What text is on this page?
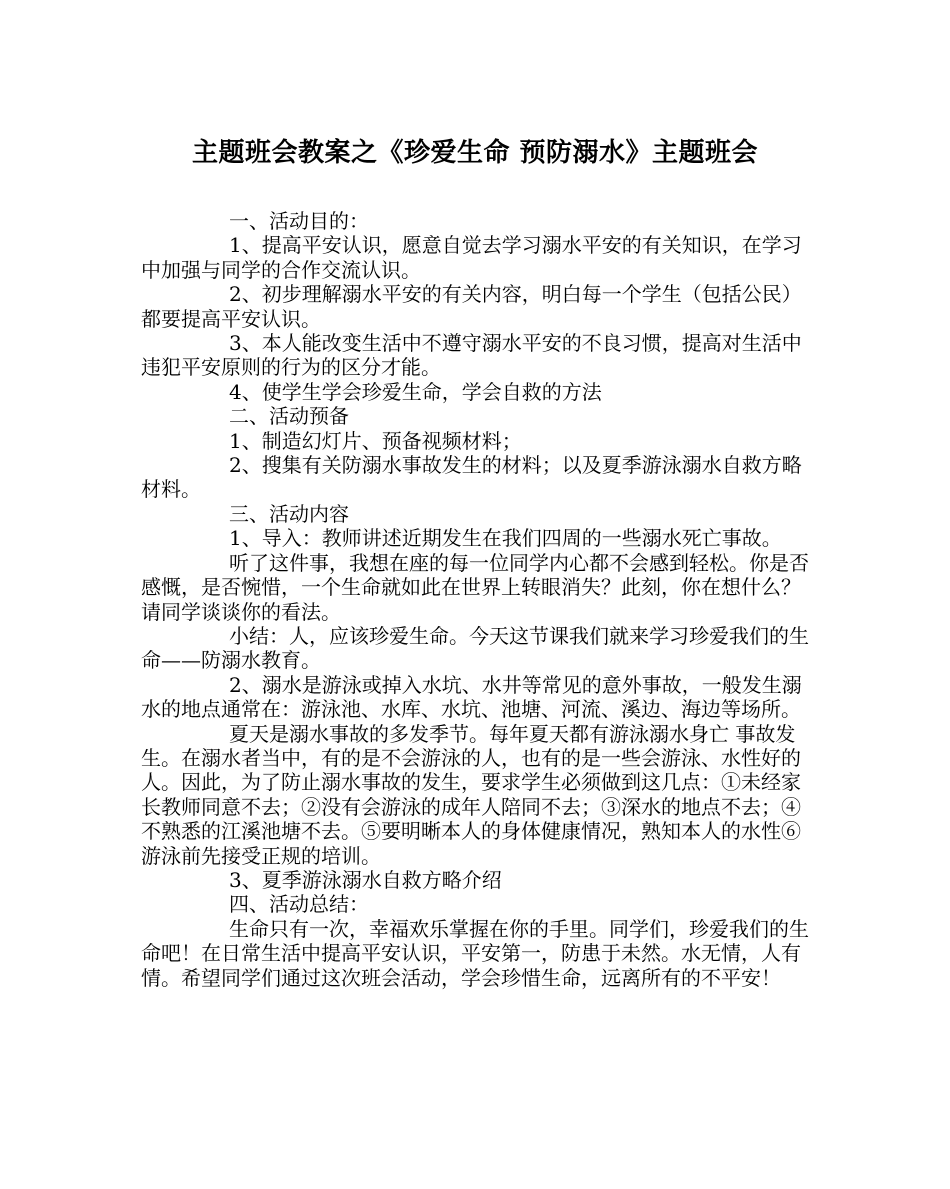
主题班会教案之《珍爱生命 预防溺水》主题班会

一、活动目的：

1、提高平安认识，愿意自觉去学习溺水平安的有关知识，在学习中加强与同学的合作交流认识。

2、初步理解溺水平安的有关内容，明白每一个学生（包括公民）都要提高平安认识。

3、本人能改变生活中不遵守溺水平安的不良习惯，提高对生活中违犯平安原则的行为的区分才能。

4、使学生学会珍爱生命，学会自救的方法

二、活动预备

1、制造幻灯片、预备视频材料；

2、搜集有关防溺水事故发生的材料；以及夏季游泳溺水自救方略材料。

三、活动内容

1、导入：教师讲述近期发生在我们四周的一些溺水死亡事故。

听了这件事，我想在座的每一位同学内心都不会感到轻松。你是否感慨，是否惋惜，一个生命就如此在世界上转眼消失？此刻，你在想什么？请同学谈谈你的看法。

小结：人，应该珍爱生命。今天这节课我们就来学习珍爱我们的生命——防溺水教育。

2、溺水是游泳或掉入水坑、水井等常见的意外事故，一般发生溺水的地点通常在：游泳池、水库、水坑、池塘、河流、溪边、海边等场所。

夏天是溺水事故的多发季节。每年夏天都有游泳溺水身亡 事故发生。在溺水者当中，有的是不会游泳的人，也有的是一些会游泳、水性好的人。因此，为了防止溺水事故的发生，要求学生必须做到这几点：①未经家长教师同意不去；②没有会游泳的成年人陪同不去；③深水的地点不去；④不熟悉的江溪池塘不去。⑤要明晰本人的身体健康情况，熟知本人的水性⑥游泳前先接受正规的培训。

3、夏季游泳溺水自救方略介绍

四、活动总结：

生命只有一次，幸福欢乐掌握在你的手里。同学们，珍爱我们的生命吧！在日常生活中提高平安认识，平安第一，防患于未然。水无情，人有情。希望同学们通过这次班会活动，学会珍惜生命，远离所有的不平安！
